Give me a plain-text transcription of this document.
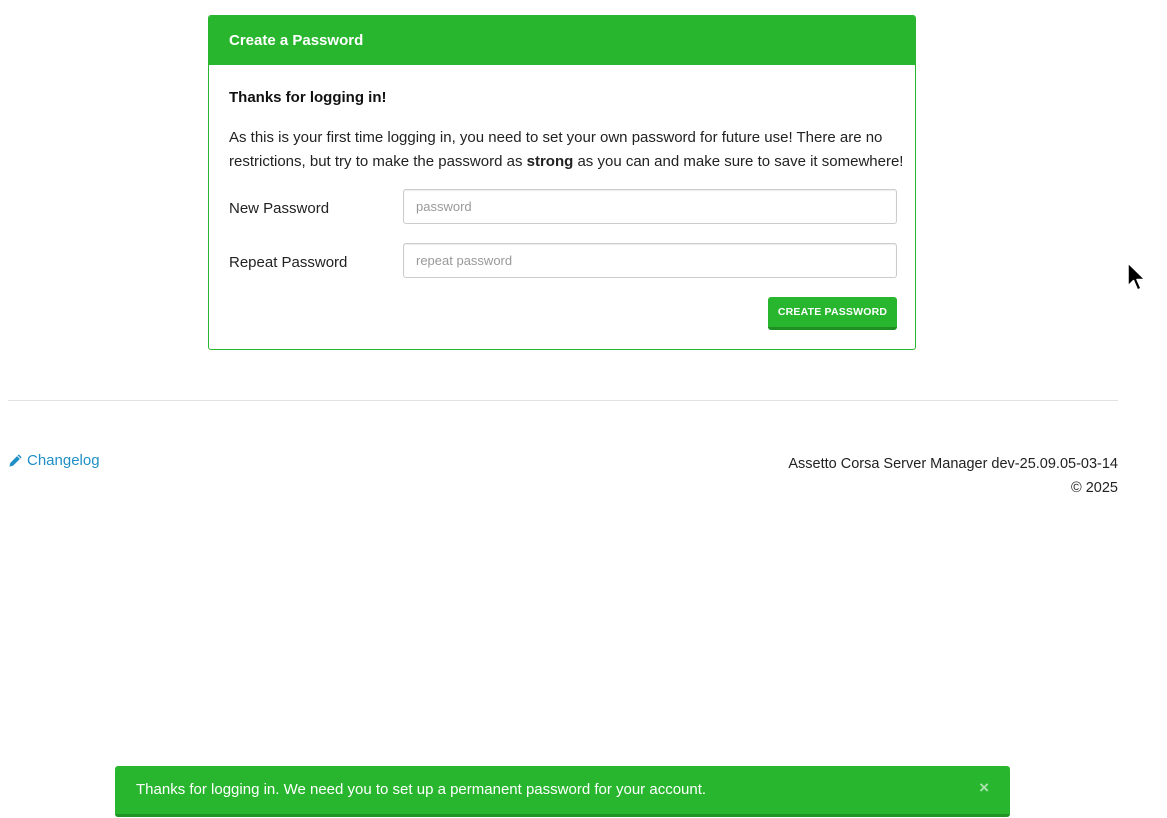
Create a Password
Thanks for logging in!
As this is your first time logging in, you need to set your own password for future use! There are no restrictions, but try to make the password as strong as you can and make sure to save it somewhere!
New Password
Repeat Password
CREATE PASSWORD
Changelog	Assetto Corsa Server Manager dev-25.09.05-03-14
© 2025
Thanks for logging in. We need you to set up a permanent password for your account.	×
